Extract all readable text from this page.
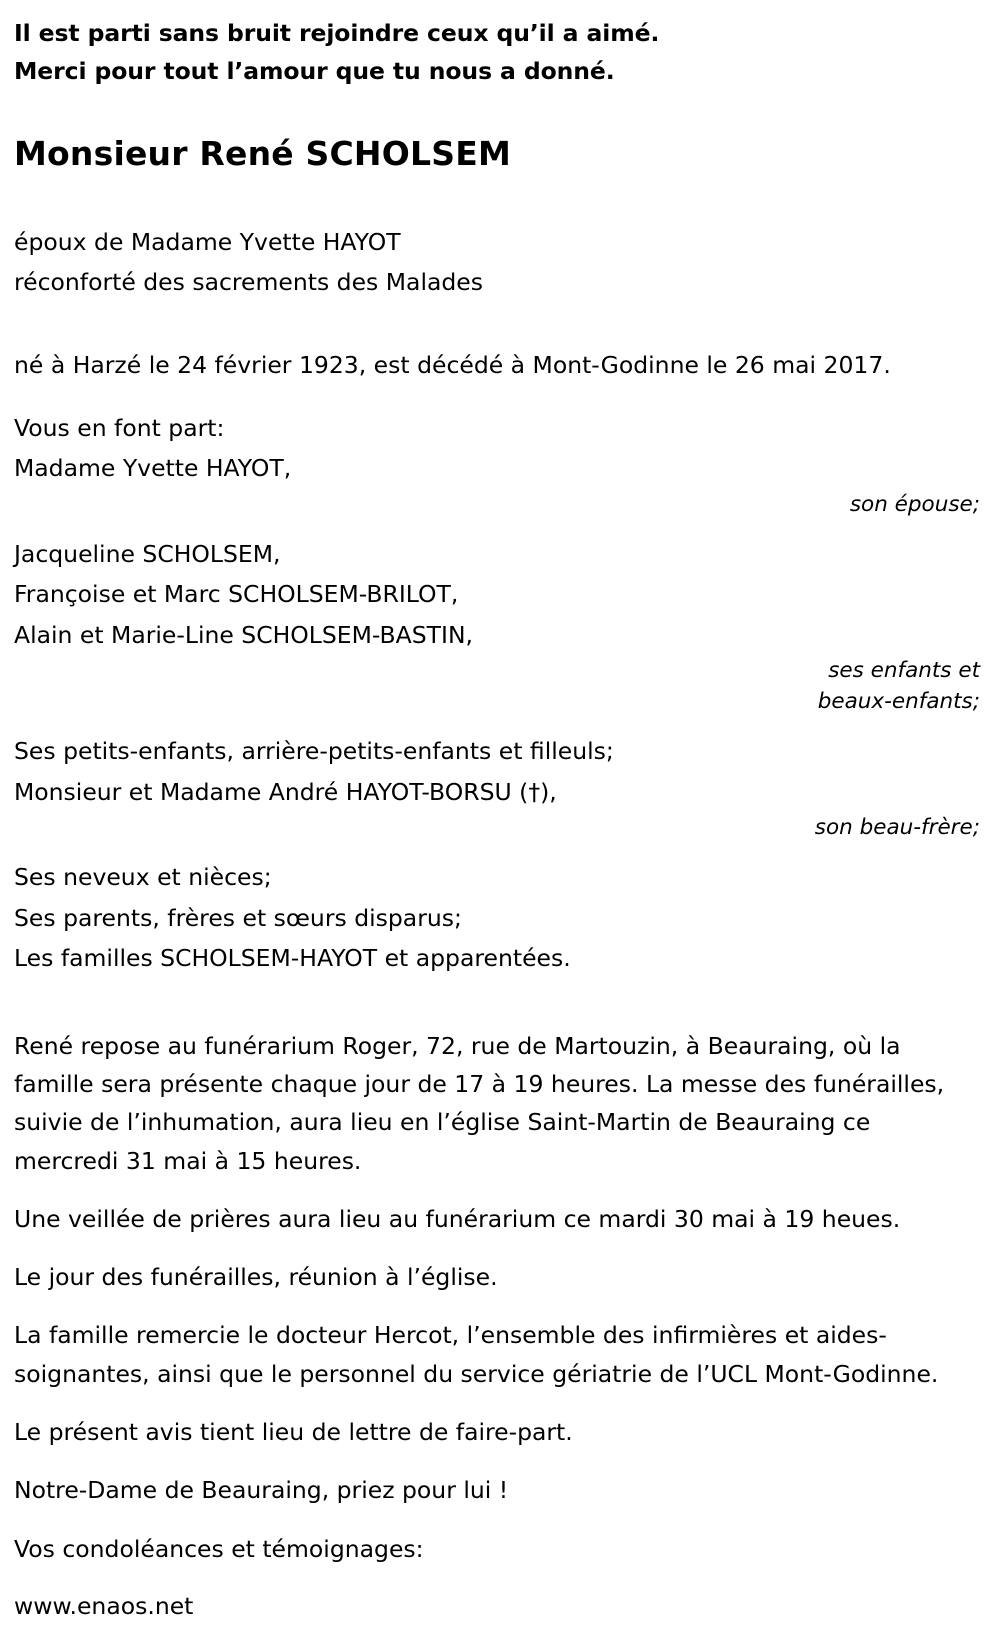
Il est parti sans bruit rejoindre ceux qu’il a aimé.
Merci pour tout l’amour que tu nous a donné.
Monsieur René SCHOLSEM
époux de Madame Yvette HAYOT
réconforté des sacrements des Malades
né à Harzé le 24 février 1923, est décédé à Mont-Godinne le 26 mai 2017.
Vous en font part:
Madame Yvette HAYOT,
son épouse;
Jacqueline SCHOLSEM,
Françoise et Marc SCHOLSEM-BRILOT,
Alain et Marie-Line SCHOLSEM-BASTIN,
ses enfants et
beaux-enfants;
Ses petits-enfants, arrière-petits-enfants et filleuls;
Monsieur et Madame André HAYOT-BORSU (†),
son beau-frère;
Ses neveux et nièces;
Ses parents, frères et sœurs disparus;
Les familles SCHOLSEM-HAYOT et apparentées.

René repose au funérarium Roger, 72, rue de Martouzin, à Beauraing, où la famille sera présente chaque jour de 17 à 19 heures. La messe des funérailles, suivie de l’inhumation, aura lieu en l’église Saint-Martin de Beauraing ce mercredi 31 mai à 15 heures.

Une veillée de prières aura lieu au funérarium ce mardi 30 mai à 19 heues.

Le jour des funérailles, réunion à l’église.

La famille remercie le docteur Hercot, l’ensemble des infirmières et aides-soignantes, ainsi que le personnel du service gériatrie de l’UCL Mont-Godinne.

Le présent avis tient lieu de lettre de faire-part.

Notre-Dame de Beauraing, priez pour lui !

Vos condoléances et témoignages:

www.enaos.net
